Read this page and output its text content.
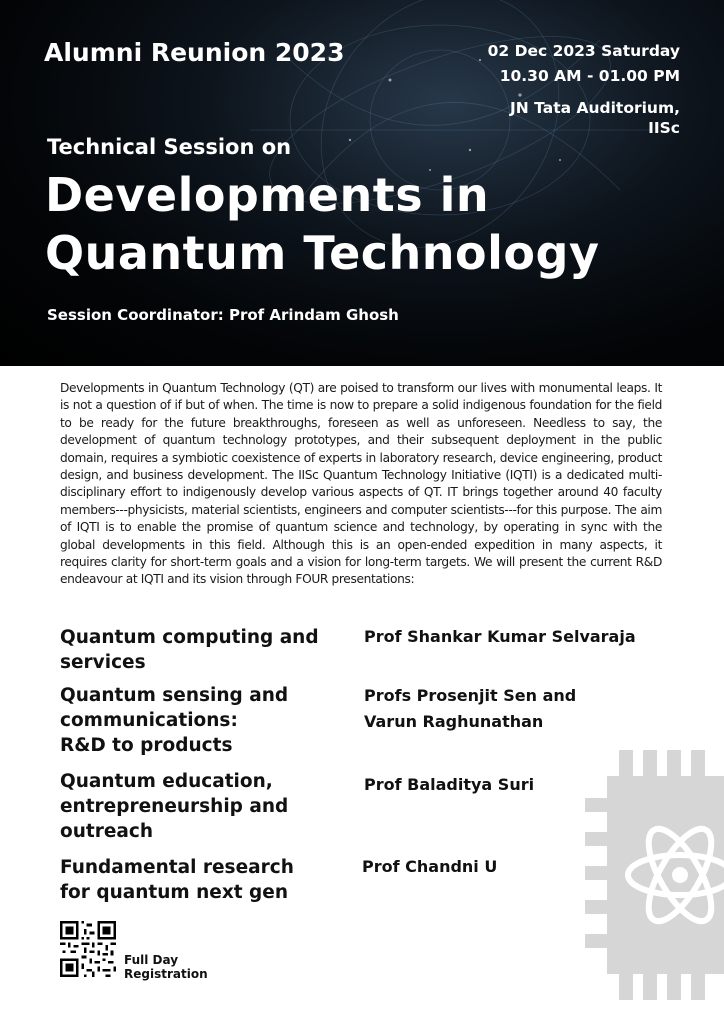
Alumni Reunion 2023	02 Dec 2023 Saturday
10.30 AM - 01.00 PM
JN Tata Auditorium,
IISc
Technical Session on
Developments in
Quantum Technology
Session Coordinator: Prof Arindam Ghosh

Developments in Quantum Technology (QT) are poised to transform our lives with monumental leaps. It is not a question of if but of when. The time is now to prepare a solid indigenous foundation for the field to be ready for the future breakthroughs, foreseen as well as unforeseen. Needless to say, the development of quantum technology prototypes, and their subsequent deployment in the public domain, requires a symbiotic coexistence of experts in laboratory research, device engineering, product design, and business development. The IISc Quantum Technology Initiative (IQTI) is a dedicated multi-disciplinary effort to indigenously develop various aspects of QT. IT brings together around 40 faculty members---physicists, material scientists, engineers and computer scientists---for this purpose. The aim of IQTI is to enable the promise of quantum science and technology, by operating in sync with the global developments in this field. Although this is an open-ended expedition in many aspects, it requires clarity for short-term goals and a vision for long-term targets. We will present the current R&D endeavour at IQTI and its vision through FOUR presentations:

Quantum computing and
services
Prof Shankar Kumar Selvaraja
Quantum sensing and
communications:
R&D to products
Profs Prosenjit Sen and
Varun Raghunathan
Quantum education,
entrepreneurship and
outreach
Prof Baladitya Suri
Fundamental research
for quantum next gen
Prof Chandni U
Full Day
Registration
